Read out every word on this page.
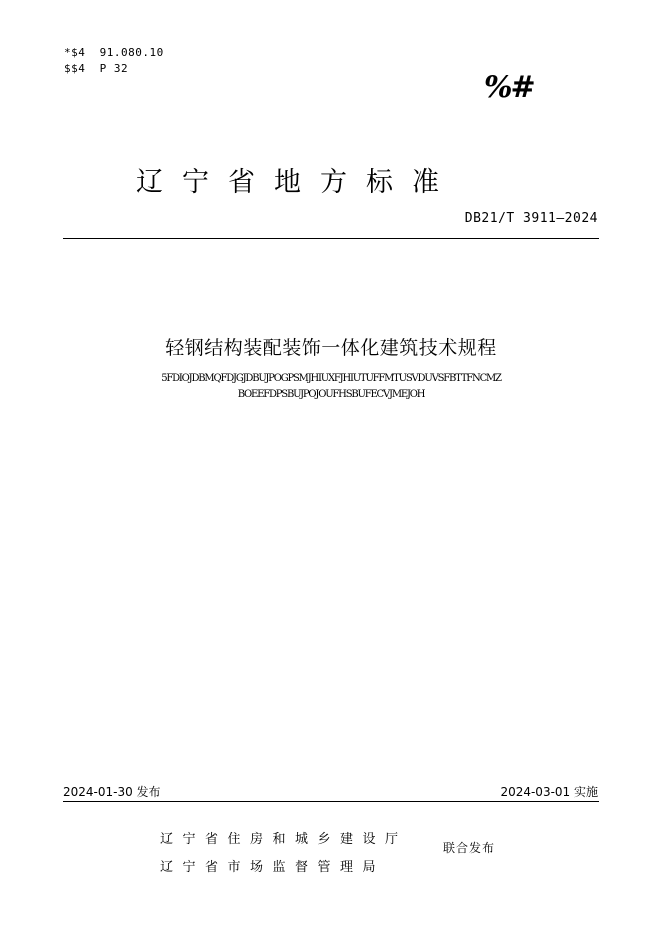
*$4  91.080.10
$$4  P 32
%#
辽宁省地方标准
DB21/T 3911—2024
轻钢结构装配装饰一体化建筑技术规程
5FDIOJDBMQFDJGJDBUJPOGPSMJHIUXFJHIUTUFFMTUSVDUVSFBTTFNCMZ
BOEEFDPSBUJPOJOUFHSBUFECVJMEJOH
2024-01-30 发布	2024-03-01 实施
辽宁省住房和城乡建设厅
辽宁省市场监督管理局
联合发布
